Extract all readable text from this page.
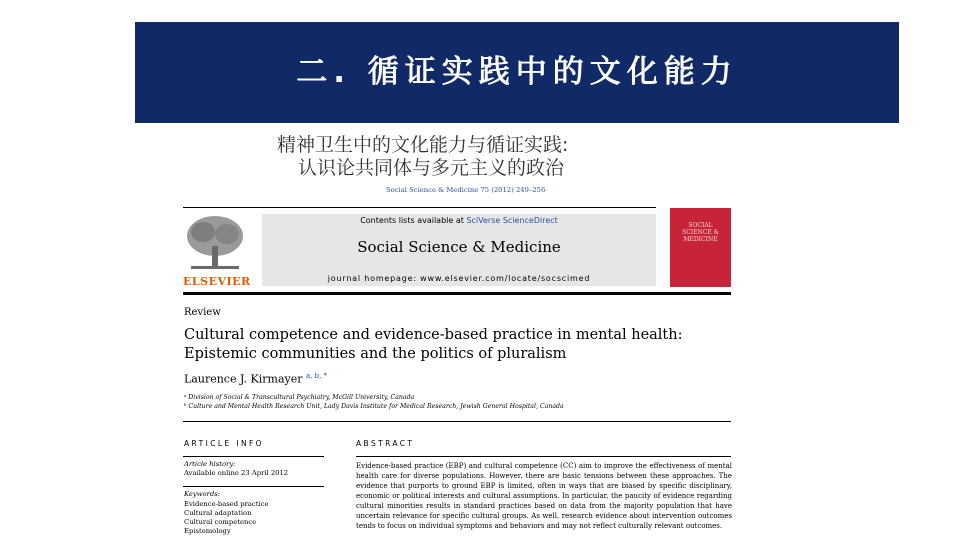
二. 循证实践中的文化能力
精神卫生中的文化能力与循证实践:
认识论共同体与多元主义的政治
Social Science & Medicine 75 (2012) 249–256
ELSEVIER
Contents lists available at SciVerse ScienceDirect
Social Science & Medicine
journal homepage: www.elsevier.com/locate/socscimed
SOCIAL SCIENCE & MEDICINE
Review
Cultural competence and evidence-based practice in mental health: Epistemic communities and the politics of pluralism
Laurence J. Kirmayer $^{a, b, *}$
ᵃ Division of Social & Transcultural Psychiatry, McGill University, Canada
ᵇ Culture and Mental Health Research Unit, Lady Davis Institute for Medical Research, Jewish General Hospital, Canada
ARTICLE INFO	ABSTRACT
Article history:
Available online 23 April 2012
Keywords:
Evidence-based practice
Cultural adaptation
Cultural competence
Epistemology
Evidence-based practice (EBP) and cultural competence (CC) aim to improve the effectiveness of mental health care for diverse populations. However, there are basic tensions between these approaches. The evidence that purports to ground EBP is limited, often in ways that are biased by specific disciplinary, economic or political interests and cultural assumptions. In particular, the paucity of evidence regarding cultural minorities results in standard practices based on data from the majority population that have uncertain relevance for specific cultural groups. As well, research evidence about intervention outcomes tends to focus on individual symptoms and behaviors and may not reflect culturally relevant outcomes.
